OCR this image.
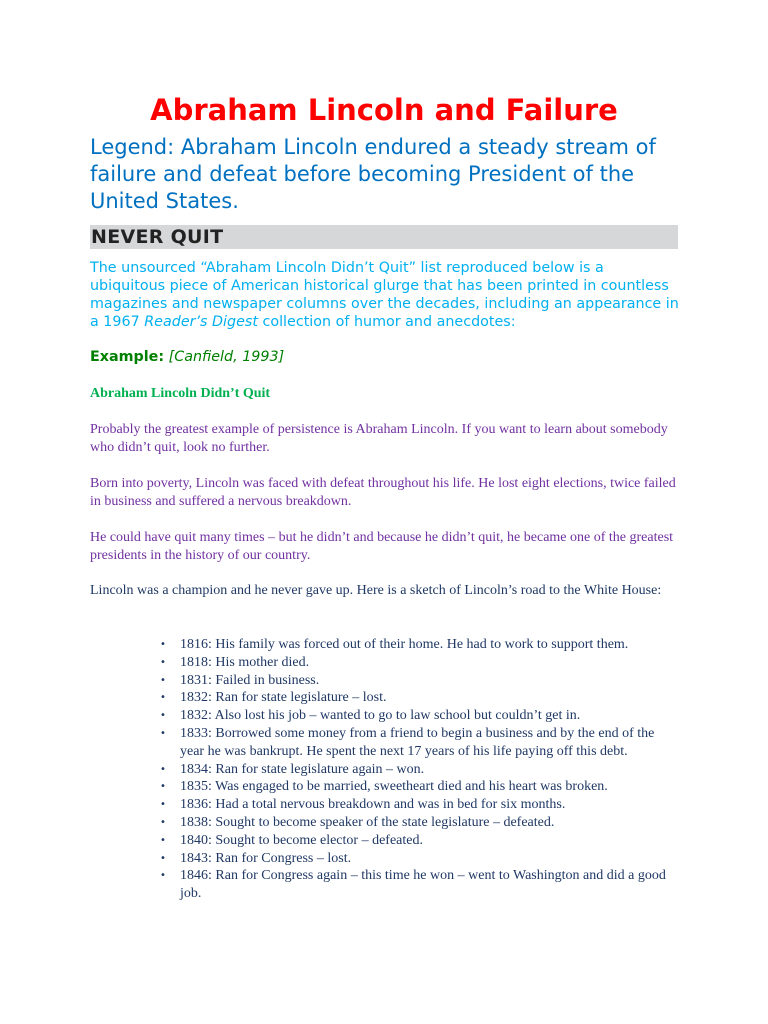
Abraham Lincoln and Failure

Legend: Abraham Lincoln endured a steady stream of failure and defeat before becoming President of the United States.

NEVER QUIT

The unsourced “Abraham Lincoln Didn’t Quit” list reproduced below is a ubiquitous piece of American historical glurge that has been printed in countless magazines and newspaper columns over the decades, including an appearance in a 1967 Reader’s Digest collection of humor and anecdotes:

Example: [Canfield, 1993]

Abraham Lincoln Didn’t Quit

Probably the greatest example of persistence is Abraham Lincoln. If you want to learn about somebody who didn’t quit, look no further.

Born into poverty, Lincoln was faced with defeat throughout his life. He lost eight elections, twice failed in business and suffered a nervous breakdown.

He could have quit many times – but he didn’t and because he didn’t quit, he became one of the greatest presidents in the history of our country.

Lincoln was a champion and he never gave up. Here is a sketch of Lincoln’s road to the White House:

• 1816: His family was forced out of their home. He had to work to support them.
• 1818: His mother died.
• 1831: Failed in business.
• 1832: Ran for state legislature – lost.
• 1832: Also lost his job – wanted to go to law school but couldn’t get in.
• 1833: Borrowed some money from a friend to begin a business and by the end of the year he was bankrupt. He spent the next 17 years of his life paying off this debt.
• 1834: Ran for state legislature again – won.
• 1835: Was engaged to be married, sweetheart died and his heart was broken.
• 1836: Had a total nervous breakdown and was in bed for six months.
• 1838: Sought to become speaker of the state legislature – defeated.
• 1840: Sought to become elector – defeated.
• 1843: Ran for Congress – lost.
• 1846: Ran for Congress again – this time he won – went to Washington and did a good job.
